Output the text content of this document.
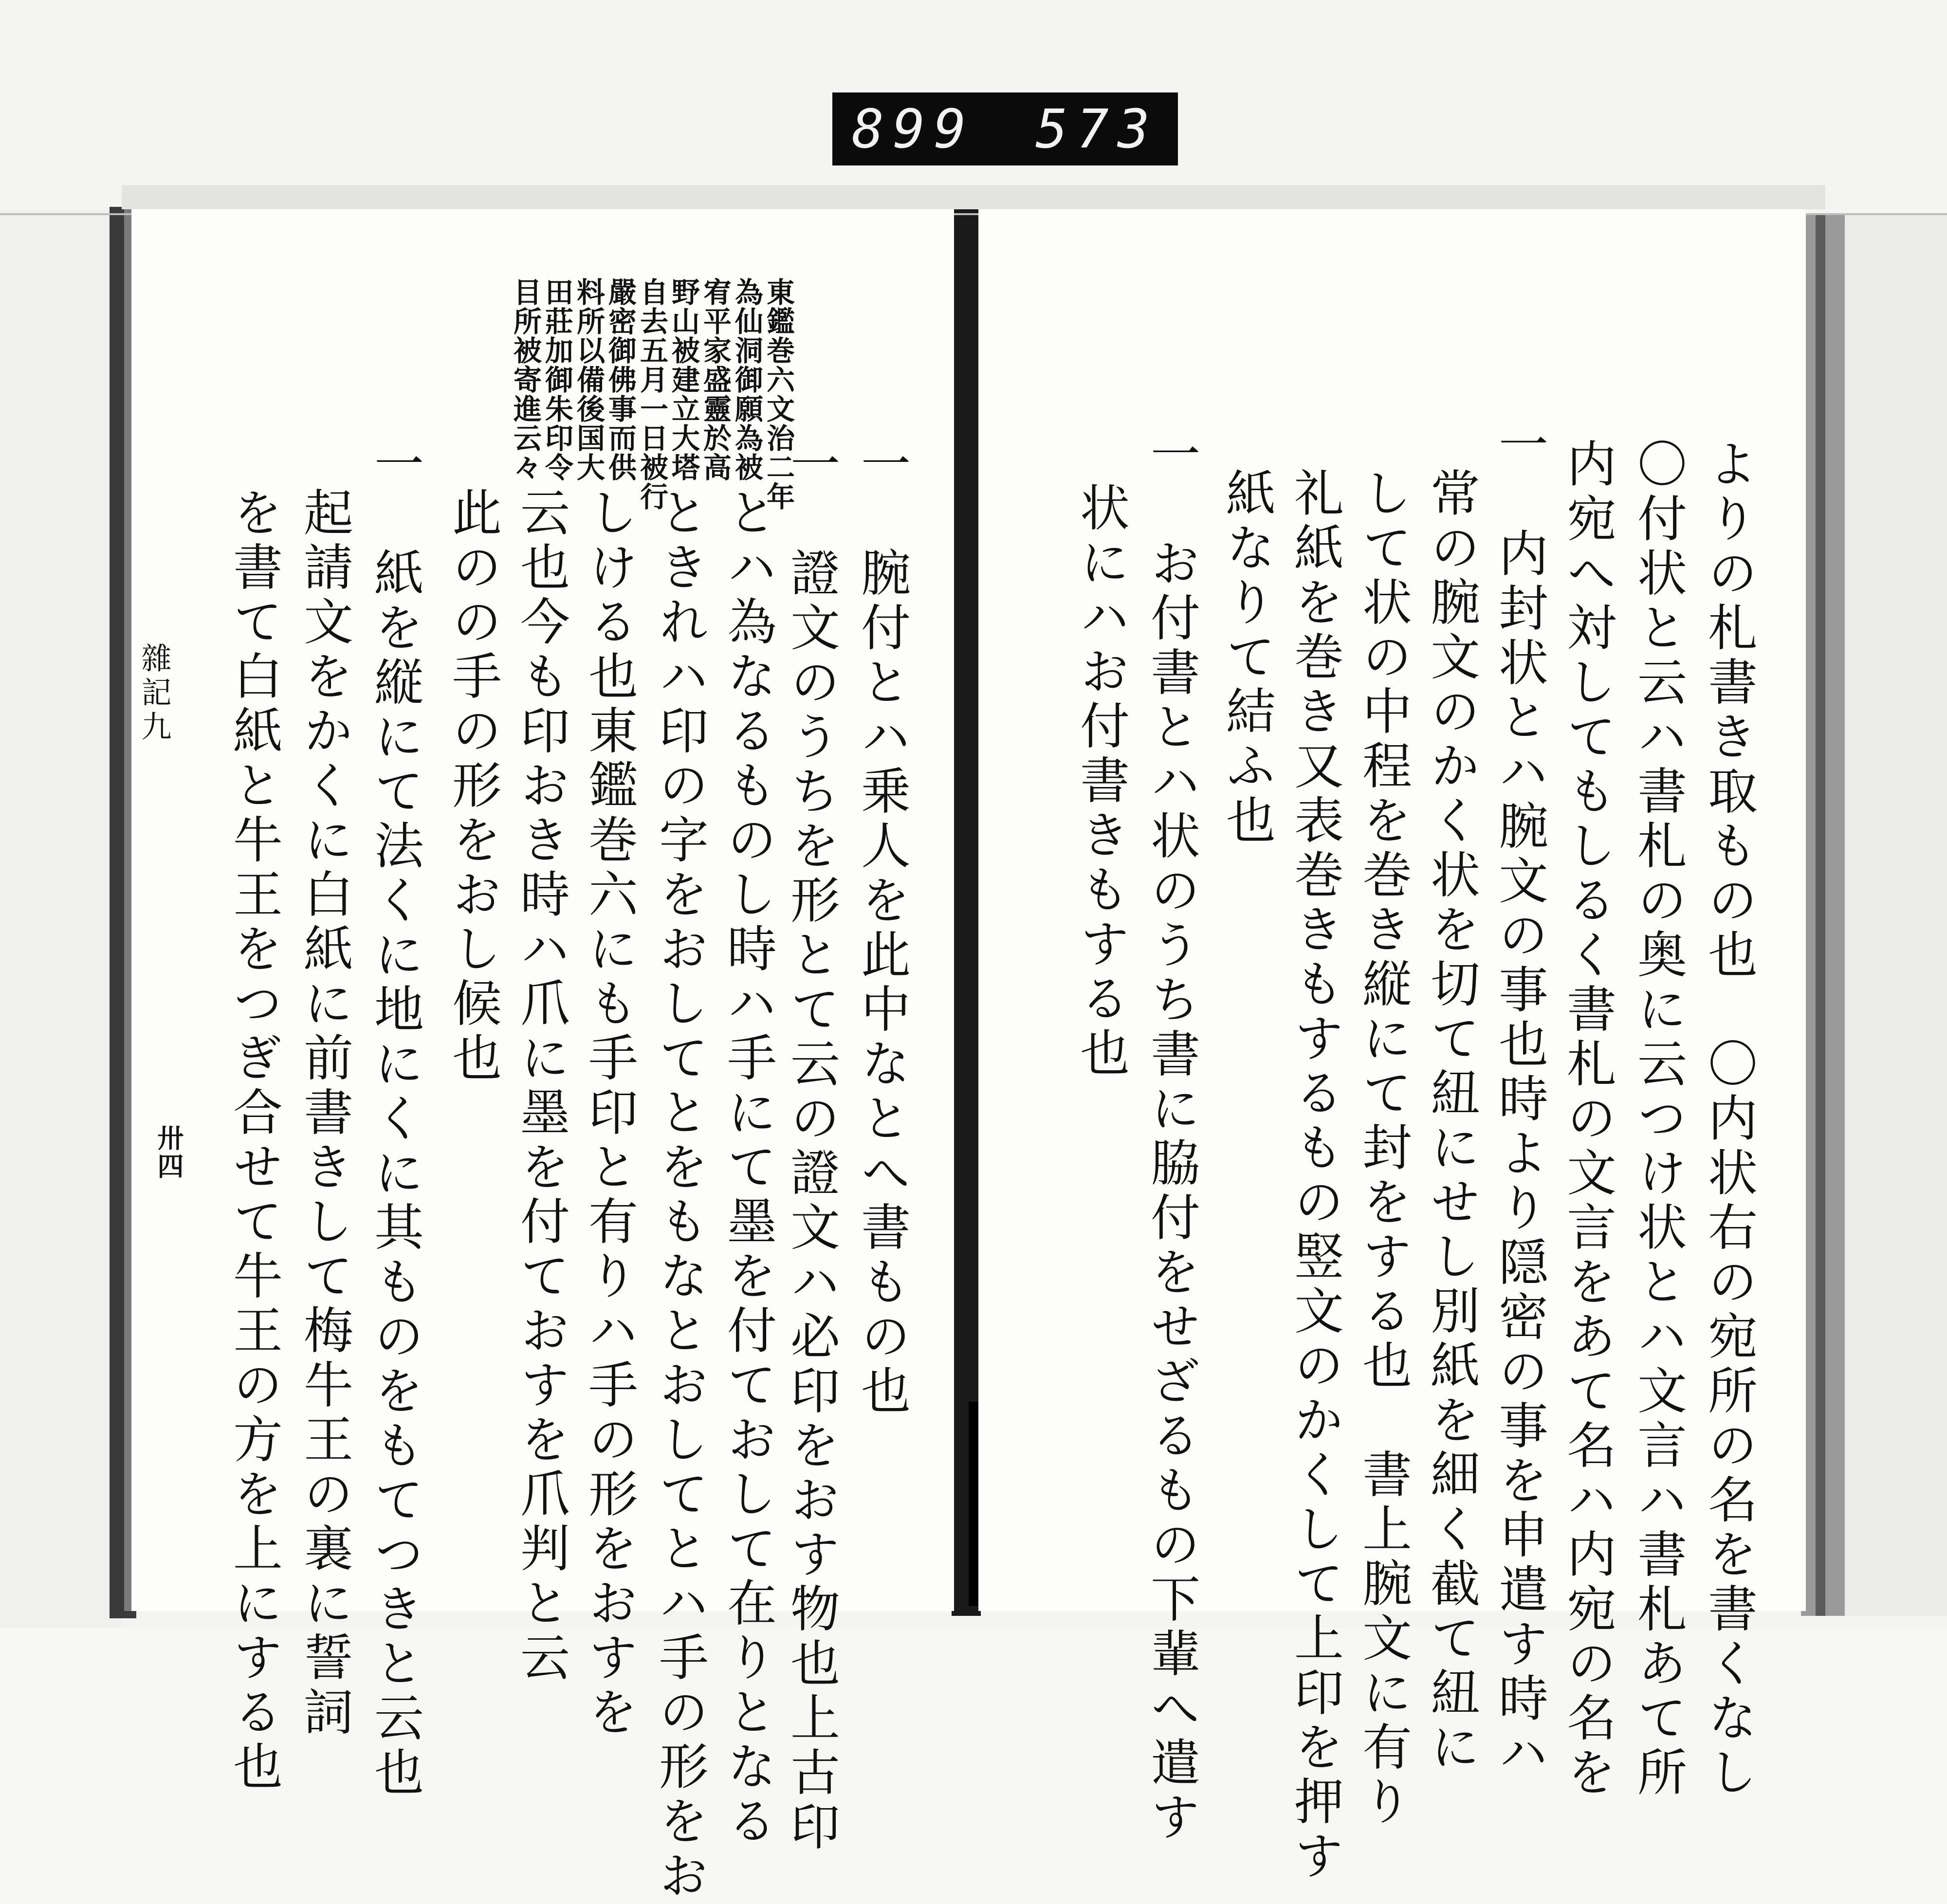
899 573
雜記九
卅四
東鑑巻六文治二年
為仙洞御願為被
宥平家盛靈於高
野山被建立大塔
自去五月一日被行
嚴密御佛事而供
料所以備後国大
田莊加御朱印令
目所被寄進云々
一　腕付とハ乗人を此中なとへ書もの也
一　證文のうちを形とて云の證文ハ必印をおす物也上古印
とハ為なるものし時ハ手にて墨を付ておして在りとなる
ときれハ印の字をおしてとをもなとおしてとハ手の形をお
しける也東鑑巻六にも手印と有りハ手の形をおすを
云也今も印おき時ハ爪に墨を付ておすを爪判と云
此のの手の形をおし候也
一　紙を縦にて法くに地にくに其ものをもてつきと云也
起請文をかくに白紙に前書きして梅牛王の裏に誓詞
を書て白紙と牛王をつぎ合せて牛王の方を上にする也	よりの札書き取もの也　〇内状右の宛所の名を書くなし
〇付状と云ハ書札の奥に云つけ状とハ文言ハ書札あて所
内宛へ対してもしるく書札の文言をあて名ハ内宛の名を
一　内封状とハ腕文の事也時より隠密の事を申遣す時ハ
常の腕文のかく状を切て紐にせし別紙を細く截て紐に
して状の中程を巻き縦にて封をする也　書上腕文に有り
礼紙を巻き又表巻きもするもの竪文のかくして上印を押す
紙なりて結ふ也
一　お付書とハ状のうち書に脇付をせざるもの下輩へ遣す
状にハお付書きもする也
